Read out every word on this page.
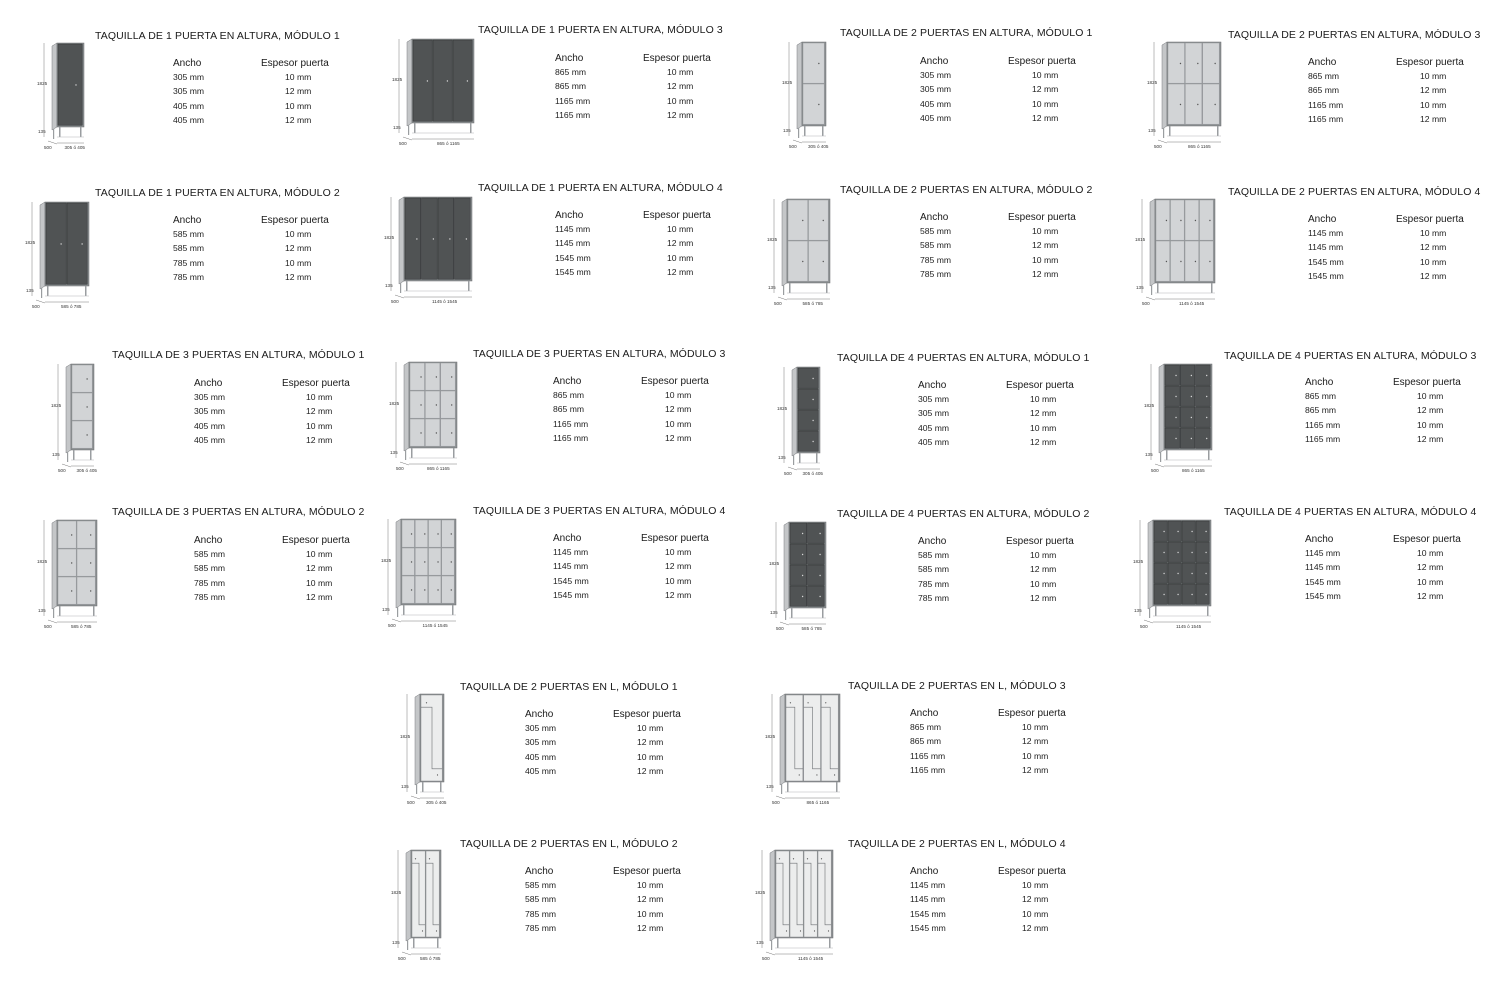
1825
135
500	305 ó 405
TAQUILLA DE 1 PUERTA EN ALTURA, MÓDULO 1
Ancho	Espesor puerta
305 mm	10 mm
305 mm	12 mm
405 mm	10 mm
405 mm	12 mm
1825
135
500	865 ó 1165
TAQUILLA DE 1 PUERTA EN ALTURA, MÓDULO 3
Ancho	Espesor puerta
865 mm	10 mm
865 mm	12 mm
1165 mm	10 mm
1165 mm	12 mm
1825
135
500 305 ó 405
TAQUILLA DE 2 PUERTAS EN ALTURA, MÓDULO 1
Ancho	Espesor puerta
305 mm	10 mm
305 mm	12 mm
405 mm	10 mm
405 mm	12 mm
1825
135
500	865 ó 1165
TAQUILLA DE 2 PUERTAS EN ALTURA, MÓDULO 3
Ancho	Espesor puerta
865 mm	10 mm
865 mm	12 mm
1165 mm	10 mm
1165 mm	12 mm
1825
135
500	585 ó 785
TAQUILLA DE 1 PUERTA EN ALTURA, MÓDULO 2
Ancho	Espesor puerta
585 mm	10 mm
585 mm	12 mm
785 mm	10 mm
785 mm	12 mm
1825
135
500	1145 ó 1545
TAQUILLA DE 1 PUERTA EN ALTURA, MÓDULO 4
Ancho	Espesor puerta
1145 mm	10 mm
1145 mm	12 mm
1545 mm	10 mm
1545 mm	12 mm
1825
135
500	585 ó 785
TAQUILLA DE 2 PUERTAS EN ALTURA, MÓDULO 2
Ancho	Espesor puerta
585 mm	10 mm
585 mm	12 mm
785 mm	10 mm
785 mm	12 mm
1815
135
500	1145 ó 1545
TAQUILLA DE 2 PUERTAS EN ALTURA, MÓDULO 4
Ancho	Espesor puerta
1145 mm	10 mm
1145 mm	12 mm
1545 mm	10 mm
1545 mm	12 mm
1825
135
500 305 ó 405
TAQUILLA DE 3 PUERTAS EN ALTURA, MÓDULO 1
Ancho	Espesor puerta
305 mm	10 mm
305 mm	12 mm
405 mm	10 mm
405 mm	12 mm
1825
135
500	865 ó 1165
TAQUILLA DE 3 PUERTAS EN ALTURA, MÓDULO 3
Ancho	Espesor puerta
865 mm	10 mm
865 mm	12 mm
1165 mm	10 mm
1165 mm	12 mm
1825
135
500 305 ó 405
TAQUILLA DE 4 PUERTAS EN ALTURA, MÓDULO 1
Ancho	Espesor puerta
305 mm	10 mm
305 mm	12 mm
405 mm	10 mm
405 mm	12 mm
1825
135
500	865 ó 1165
TAQUILLA DE 4 PUERTAS EN ALTURA, MÓDULO 3
Ancho	Espesor puerta
865 mm	10 mm
865 mm	12 mm
1165 mm	10 mm
1165 mm	12 mm
1825
135
500	585 ó 785
TAQUILLA DE 3 PUERTAS EN ALTURA, MÓDULO 2
Ancho	Espesor puerta
585 mm	10 mm
585 mm	12 mm
785 mm	10 mm
785 mm	12 mm
1825
135
500	1145 ó 1545
TAQUILLA DE 3 PUERTAS EN ALTURA, MÓDULO 4
Ancho	Espesor puerta
1145 mm	10 mm
1145 mm	12 mm
1545 mm	10 mm
1545 mm	12 mm
1825
135
500	585 ó 785
TAQUILLA DE 4 PUERTAS EN ALTURA, MÓDULO 2
Ancho	Espesor puerta
585 mm	10 mm
585 mm	12 mm
785 mm	10 mm
785 mm	12 mm
1825
135
500	1145 ó 1545
TAQUILLA DE 4 PUERTAS EN ALTURA, MÓDULO 4
Ancho	Espesor puerta
1145 mm	10 mm
1145 mm	12 mm
1545 mm	10 mm
1545 mm	12 mm
1825
135
500 305 ó 405
TAQUILLA DE 2 PUERTAS EN L, MÓDULO 1
Ancho	Espesor puerta
305 mm	10 mm
305 mm	12 mm
405 mm	10 mm
405 mm	12 mm
1825
135
500	865 ó 1165
TAQUILLA DE 2 PUERTAS EN L, MÓDULO 3
Ancho	Espesor puerta
865 mm	10 mm
865 mm	12 mm
1165 mm	10 mm
1165 mm	12 mm
1825
135
500	585 ó 785
TAQUILLA DE 2 PUERTAS EN L, MÓDULO 2
Ancho	Espesor puerta
585 mm	10 mm
585 mm	12 mm
785 mm	10 mm
785 mm	12 mm
1825
135
500	1145 ó 1545
TAQUILLA DE 2 PUERTAS EN L, MÓDULO 4
Ancho	Espesor puerta
1145 mm	10 mm
1145 mm	12 mm
1545 mm	10 mm
1545 mm	12 mm
